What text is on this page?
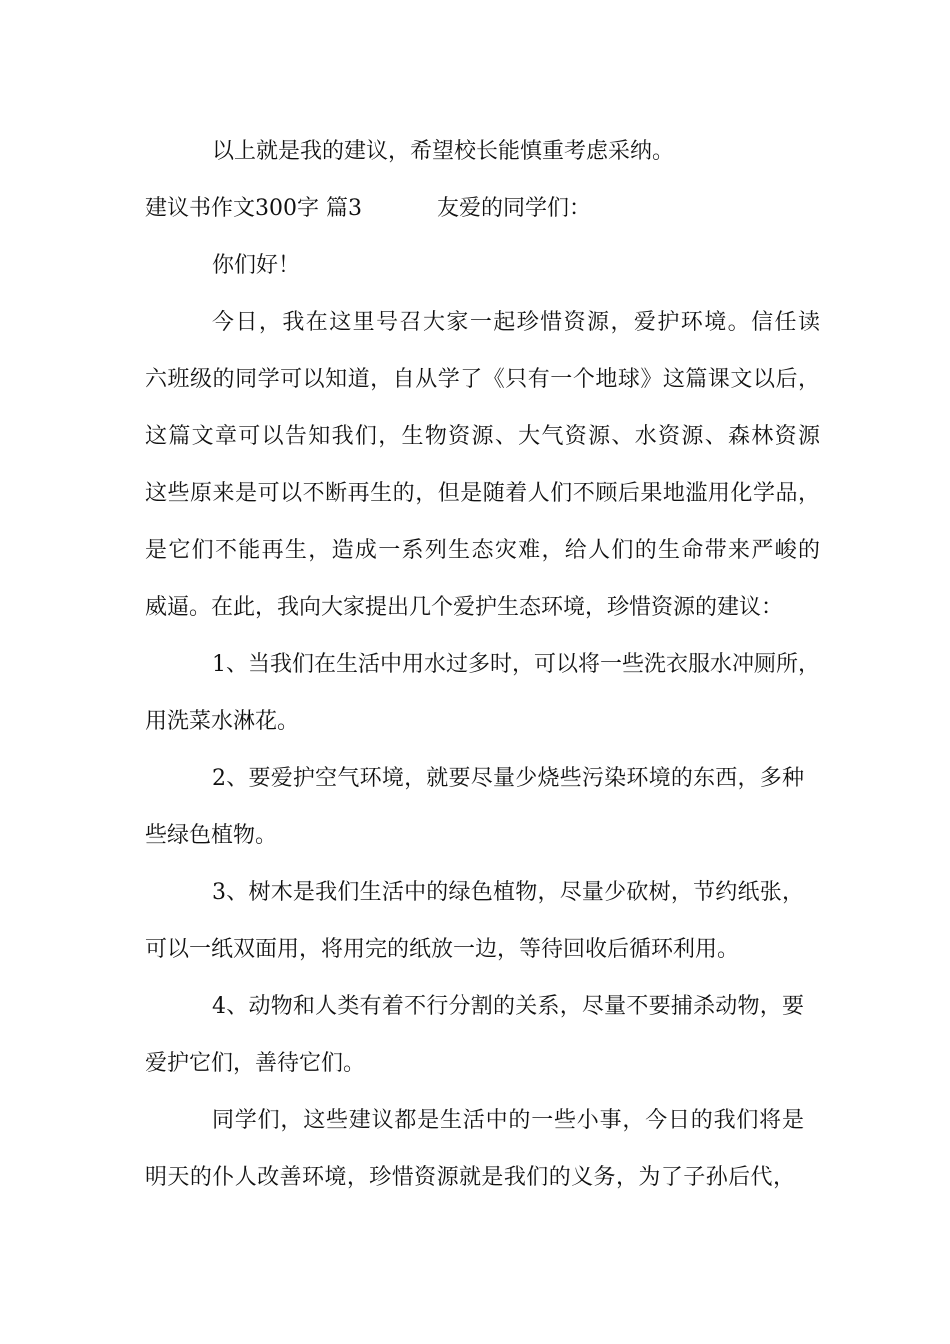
以上就是我的建议，希望校长能慎重考虑采纳。
建议书作文300字 篇3	友爱的同学们：
你们好！
今日，我在这里号召大家一起珍惜资源，爱护环境。信任读
六班级的同学可以知道，自从学了《只有一个地球》这篇课文以后，
这篇文章可以告知我们，生物资源、大气资源、水资源、森林资源
这些原来是可以不断再生的，但是随着人们不顾后果地滥用化学品，
是它们不能再生，造成一系列生态灾难，给人们的生命带来严峻的
威逼。在此，我向大家提出几个爱护生态环境，珍惜资源的建议：
1、当我们在生活中用水过多时，可以将一些洗衣服水冲厕所，
用洗菜水淋花。
2、要爱护空气环境，就要尽量少烧些污染环境的东西，多种
些绿色植物。
3、树木是我们生活中的绿色植物，尽量少砍树，节约纸张，
可以一纸双面用，将用完的纸放一边，等待回收后循环利用。
4、动物和人类有着不行分割的关系，尽量不要捕杀动物，要
爱护它们，善待它们。
同学们，这些建议都是生活中的一些小事，今日的我们将是
明天的仆人改善环境，珍惜资源就是我们的义务，为了子孙后代，
